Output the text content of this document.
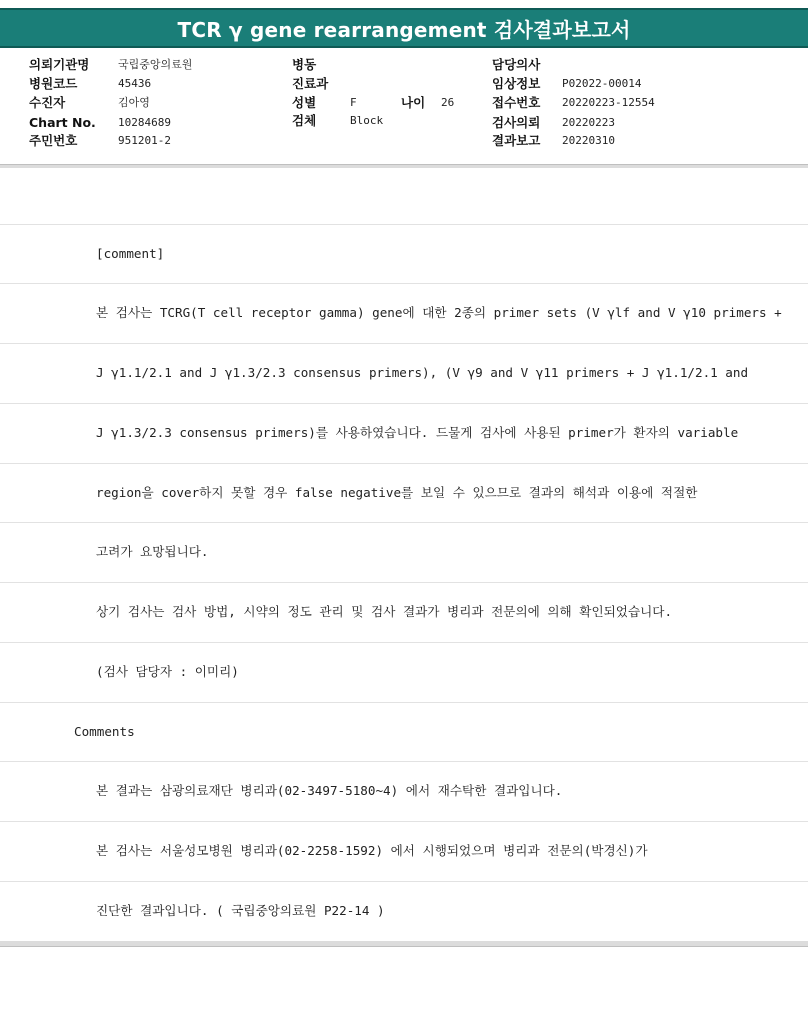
TCR γ gene rearrangement 검사결과보고서
의뢰기관명	국립중앙의료원
병원코드	45436
수진자	김아영
Chart No. 10284689
주민번호	951201-2
병동
진료과
성별	F	나이 26
검체	Block
담당의사
임상정보 P02022-00014
접수번호 20220223-12554
검사의뢰 20220223
결과보고 20220310
[comment]
본 검사는 TCRG(T cell receptor gamma) gene에 대한 2종의 primer sets (V γlf and V γ10 primers +
J γ1.1/2.1 and J γ1.3/2.3 consensus primers), (V γ9 and V γ11 primers + J γ1.1/2.1 and
J γ1.3/2.3 consensus primers)를 사용하였습니다. 드물게 검사에 사용된 primer가 환자의 variable
region을 cover하지 못할 경우 false negative를 보일 수 있으므로 결과의 해석과 이용에 적절한
고려가 요망됩니다.
상기 검사는 검사 방법, 시약의 정도 관리 및 검사 결과가 병리과 전문의에 의해 확인되었습니다.
(검사 담당자 : 이미리)
Comments
본 결과는 삼광의료재단 병리과(02-3497-5180~4) 에서 재수탁한 결과입니다.
본 검사는 서울성모병원 병리과(02-2258-1592) 에서 시행되었으며 병리과 전문의(박경신)가
진단한 결과입니다. ( 국립중앙의료원 P22-14 )
